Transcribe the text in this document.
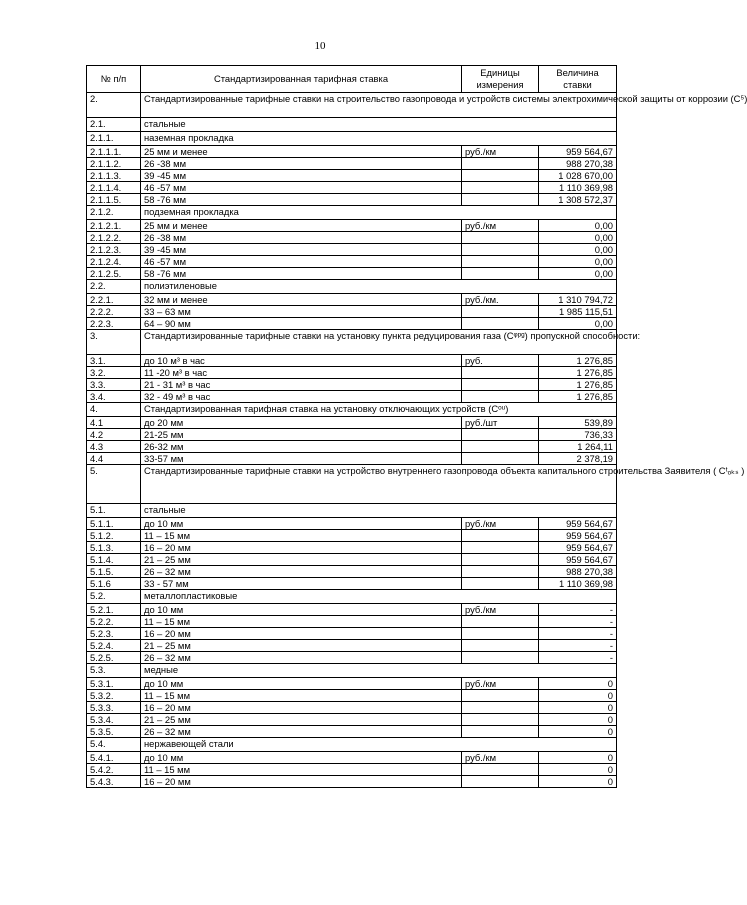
10
№ п/п	Стандартизированная тарифная ставка	Единицы измерения	Величина ставки
2.	Стандартизированные тарифные ставки на строительство газопровода и устройств системы электрохимической защиты от коррозии (С⁵)		
2.1.	стальные		
2.1.1.	наземная прокладка		
2.1.1.1.	25 мм и менее	руб./км	959 564,67
2.1.1.2.	26 -38 мм		988 270,38
2.1.1.3.	39 -45 мм		1 028 670,00
2.1.1.4.	46 -57 мм		1 110 369,98
2.1.1.5.	58 -76 мм		1 308 572,37
2.1.2.	подземная прокладка		
2.1.2.1.	25 мм и менее	руб./км	0,00
2.1.2.2.	26 -38 мм		0,00
2.1.2.3.	39 -45 мм		0,00
2.1.2.4.	46 -57 мм		0,00
2.1.2.5.	58 -76 мм		0,00
2.2.	полиэтиленовые		
2.2.1.	32 мм и менее	руб./км.	1 310 794,72
2.2.2.	33 – 63 мм		1 985 115,51
2.2.3.	64 – 90 мм		0,00
3.	Стандартизированные тарифные ставки на установку пункта редуцирования газа (Сᵠᵖᵍ) пропускной способности:		
3.1.	до 10 м³ в час	руб.	1 276,85
3.2.	11 -20 м³ в час		1 276,85
3.3.	21 - 31 м³ в час		1 276,85
3.4.	32 - 49 м³ в час		1 276,85
4.	Стандартизированная тарифная ставка на установку отключающих устройств (Сᵒᵘ)		
4.1	до 20 мм	руб./шт	539,89
4.2	21-25 мм		736,33
4.3	26-32 мм		1 264,11
4.4	33-57 мм		2 378,19
5.	Стандартизированные тарифные ставки на устройство внутреннего газопровода объекта капитального строительства Заявителя ( Cᵗₒₖₛ )		
5.1.	стальные		
5.1.1.	до 10 мм	руб./км	959 564,67
5.1.2.	11 – 15 мм		959 564,67
5.1.3.	16 – 20 мм		959 564,67
5.1.4.	21 – 25 мм		959 564,67
5.1.5.	26 – 32 мм		988 270,38
5.1.6	33 - 57 мм		1 110 369,98
5.2.	металлопластиковые		
5.2.1.	до 10 мм	руб./км	-
5.2.2.	11 – 15 мм		-
5.2.3.	16 – 20 мм		-
5.2.4.	21 – 25 мм		-
5.2.5.	26 – 32 мм		-
5.3.	медные		
5.3.1.	до 10 мм	руб./км	0
5.3.2.	11 – 15 мм		0
5.3.3.	16 – 20 мм		0
5.3.4.	21 – 25 мм		0
5.3.5.	26 – 32 мм		0
5.4.	нержавеющей стали		
5.4.1.	до 10 мм	руб./км	0
5.4.2.	11 – 15 мм		0
5.4.3.	16 – 20 мм		0
